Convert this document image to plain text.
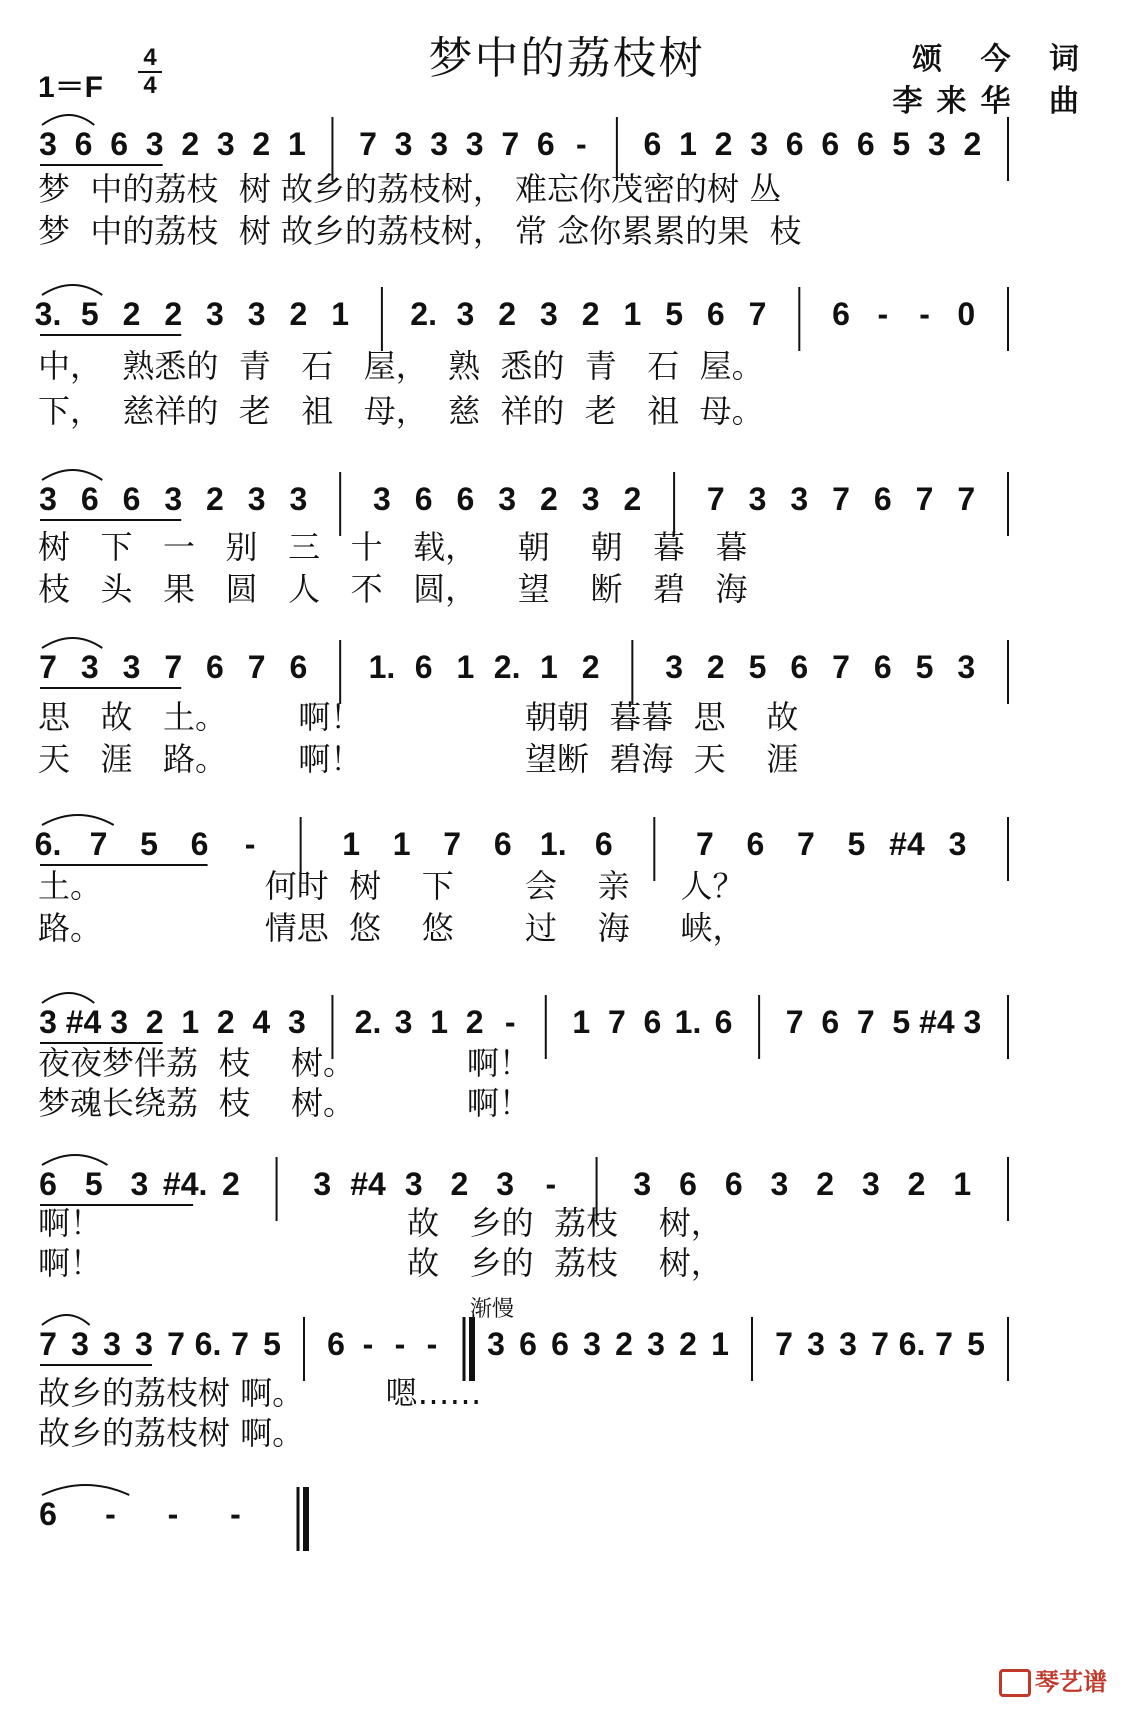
梦中的荔枝树
1＝F
4
4
颂 今 词
李来华 曲
3 6 6 3 2 3 2 1 7 3 3 3 7 6 - 6 1 2 3 6 6 6 5 3 2
3. 5 2 2 3 3 2 1 2. 3 2 3 2 1 5 6 7 6 - - 0
3 6 6 3 2 3 3 3 6 6 3 2 3 2 7 3 3 7 6 7 7
7 3 3 7 6 7 6 1. 6 1 2. 1 2 3 2 5 6 7 6 5 3
6. 7 5 6 -	1 1 7 6 1. 6	7 6 7 5 #4 3
3 #4 3 2 1 2 4 3 2. 3 1 2 - 1 7 6 1. 6 7 6 7 5 #4 3
6 5 3 #4. 2 3 #4 3 2 3 - 3 6 6 3 2 3 2 1
7 3 3 3 7 6. 7 5 6 - - - 3 6 6 3 2 3 2 1 7 3 3 7 6. 7 5
6 - - -
梦  中的荔枝  树 故乡的荔枝树， 难忘你茂密的树 丛
梦  中的荔枝  树 故乡的荔枝树， 常 念你累累的果  枝
中，  熟悉的  青   石   屋，  熟  悉的  青   石  屋。
下，  慈祥的  老   祖   母，  慈  祥的  老   祖  母。
树   下   一   别   三   十   载，    朝    朝   暮   暮
枝   头   果   圆   人   不   圆，    望    断   碧   海
思   故   土。       啊！                朝朝  暮暮  思    故
天   涯   路。       啊！                望断  碧海  天    涯
土。                何时  树    下       会    亲     人？
路。                情思  悠    悠       过    海     峡，
夜夜梦伴荔  枝    树。           啊！
梦魂长绕荔  枝    树。           啊！
啊！                              故   乡的  荔枝    树，
啊！                              故   乡的  荔枝    树，
故乡的荔枝树 啊。        嗯……
故乡的荔枝树 啊。
渐慢
琴艺谱
